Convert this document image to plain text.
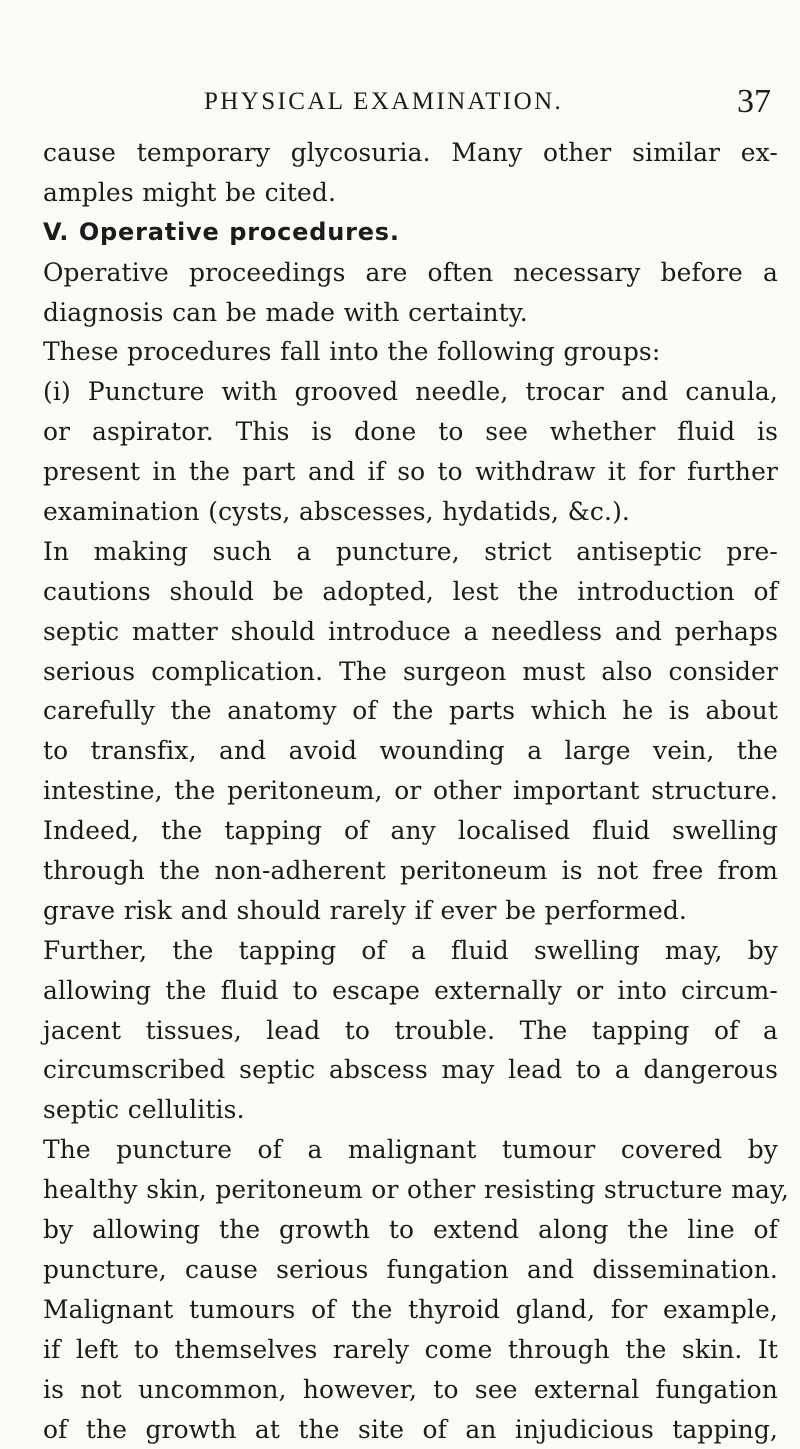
PHYSICAL EXAMINATION.	37
cause temporary glycosuria. Many other similar ex-
amples might be cited.
V. Operative procedures.
Operative proceedings are often necessary before a
diagnosis can be made with certainty.
These procedures fall into the following groups:
(i) Puncture with grooved needle, trocar and canula,
or aspirator. This is done to see whether fluid is
present in the part and if so to withdraw it for further
examination (cysts, abscesses, hydatids, &c.).
In making such a puncture, strict antiseptic pre-
cautions should be adopted, lest the introduction of
septic matter should introduce a needless and perhaps
serious complication. The surgeon must also consider
carefully the anatomy of the parts which he is about
to transfix, and avoid wounding a large vein, the
intestine, the peritoneum, or other important structure.
Indeed, the tapping of any localised fluid swelling
through the non-adherent peritoneum is not free from
grave risk and should rarely if ever be performed.
Further, the tapping of a fluid swelling may, by
allowing the fluid to escape externally or into circum-
jacent tissues, lead to trouble. The tapping of a
circumscribed septic abscess may lead to a dangerous
septic cellulitis.
The puncture of a malignant tumour covered by
healthy skin, peritoneum or other resisting structure may,
by allowing the growth to extend along the line of
puncture, cause serious fungation and dissemination.
Malignant tumours of the thyroid gland, for example,
if left to themselves rarely come through the skin. It
is not uncommon, however, to see external fungation
of the growth at the site of an injudicious tapping,
